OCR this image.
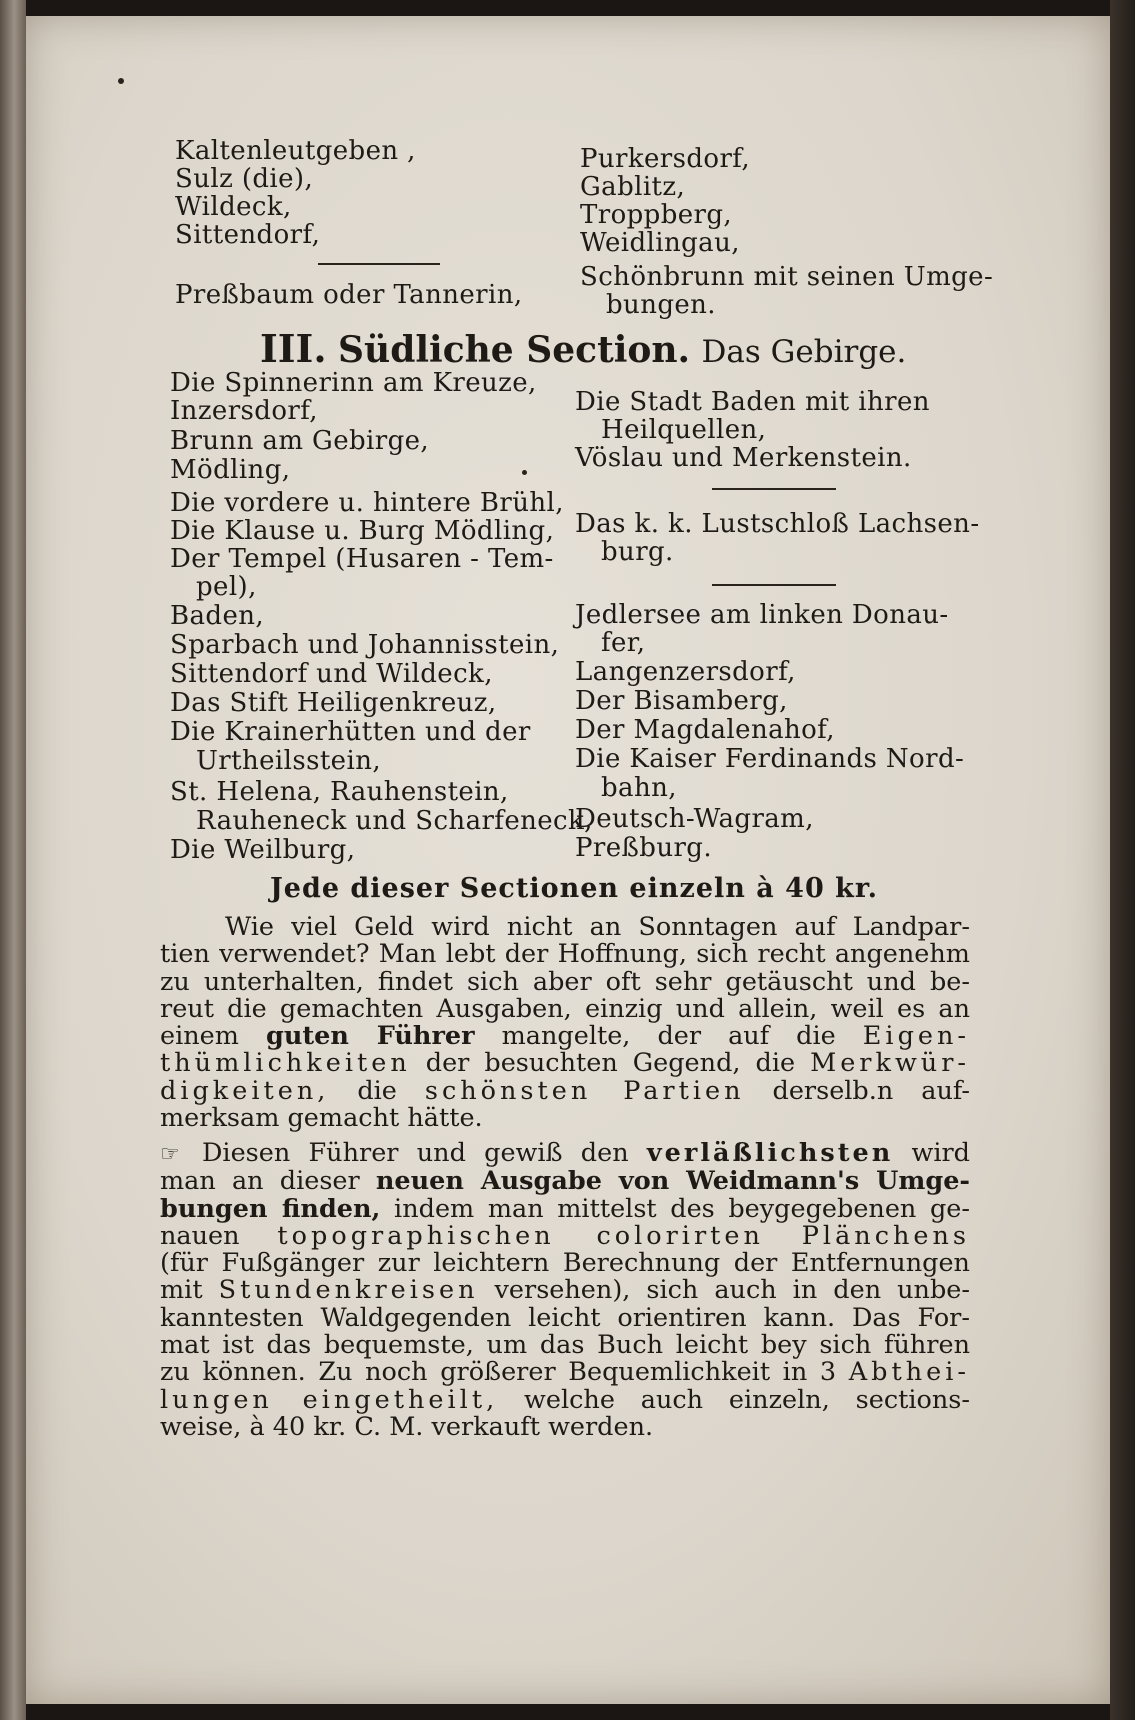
Kaltenleutgeben ,
Sulz (die),
Wildeck,
Sittendorf,
Preßbaum oder Tannerin,
Purkersdorf,
Gablitz,
Troppberg,
Weidlingau,
Schönbrunn mit seinen Umge-
bungen.
III. Südliche Section. Das Gebirge.
Die Spinnerinn am Kreuze,
Inzersdorf,
Brunn am Gebirge,
Mödling,
Die vordere u. hintere Brühl,
Die Klause u. Burg Mödling,
Der Tempel (Husaren - Tem-
pel),
Baden,
Sparbach und Johannisstein,
Sittendorf und Wildeck,
Das Stift Heiligenkreuz,
Die Krainerhütten und der
Urtheilsstein,
St. Helena, Rauhenstein,
Rauheneck und Scharfeneck,
Die Weilburg,
Die Stadt Baden mit ihren
Heilquellen,
Vöslau und Merkenstein.
Das k. k. Lustschloß Lachsen-
burg.
Jedlersee am linken Donau-
fer,
Langenzersdorf,
Der Bisamberg,
Der Magdalenahof,
Die Kaiser Ferdinands Nord-
bahn,
Deutsch-Wagram,
Preßburg.
Jede dieser Sectionen einzeln à 40 kr.
Wie viel Geld wird nicht an Sonntagen auf Landpar-
tien verwendet? Man lebt der Hoffnung, sich recht angenehm
zu unterhalten, findet sich aber oft sehr getäuscht und be-
reut die gemachten Ausgaben, einzig und allein, weil es an
einem guten Führer mangelte, der auf die Eigen-
thümlichkeiten der besuchten Gegend, die Merkwür-
digkeiten, die schönsten Partien derselb.n auf-
merksam gemacht hätte.
☞ Diesen Führer und gewiß den verläßlichsten wird
man an dieser neuen Ausgabe von Weidmann's Umge-
bungen finden, indem man mittelst des beygegebenen ge-
nauen topographischen colorirten Plänchens
(für Fußgänger zur leichtern Berechnung der Entfernungen
mit Stundenkreisen versehen), sich auch in den unbe-
kanntesten Waldgegenden leicht orientiren kann. Das For-
mat ist das bequemste, um das Buch leicht bey sich führen
zu können. Zu noch größerer Bequemlichkeit in 3 Abthei-
lungen eingetheilt, welche auch einzeln, sections-
weise, à 40 kr. C. M. verkauft werden.
